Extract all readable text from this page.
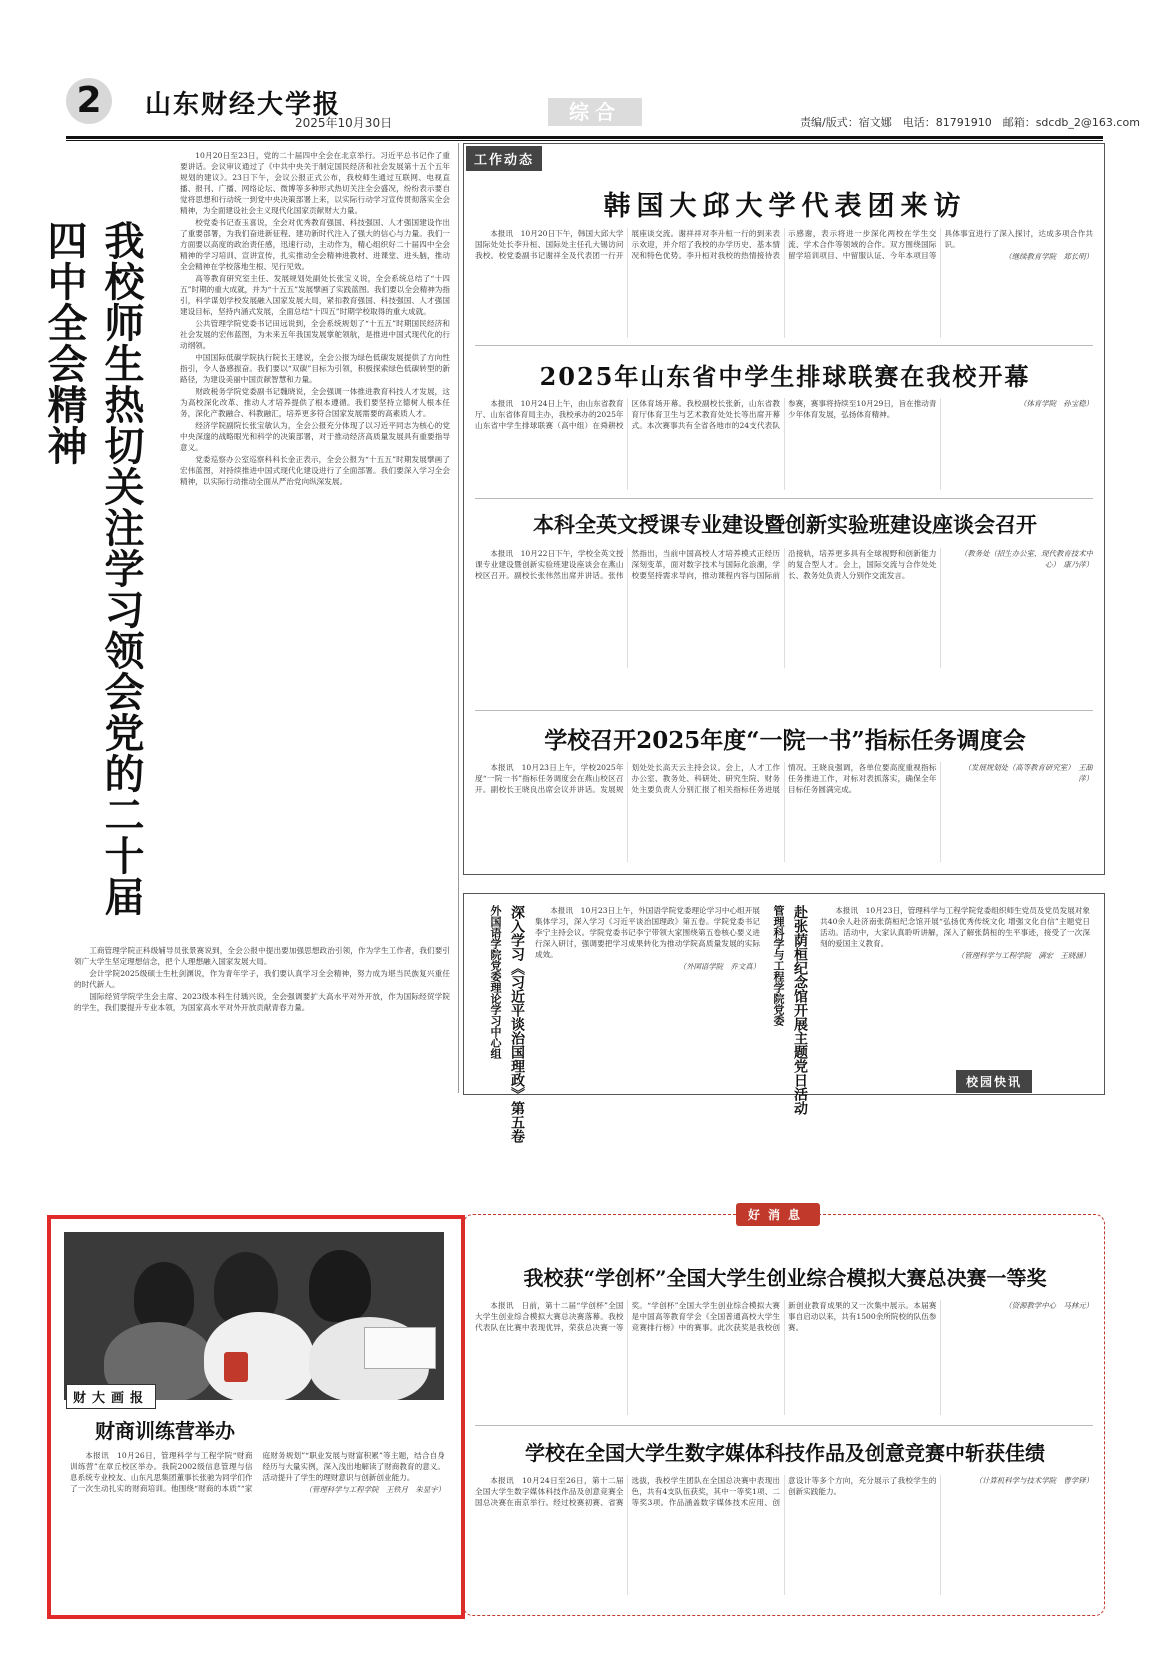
2	山东财经大学报
2025年10月30日	综合	责编/版式：宿文娜　电话：81791910　邮箱：sdcdb_2@163.com
我校师生热切关注学习领会党的二十届四中全会精神

10月20日至23日，党的二十届四中全会在北京举行。习近平总书记作了重要讲话。会议审议通过了《中共中央关于制定国民经济和社会发展第十五个五年规划的建议》。23日下午，会议公报正式公布，我校师生通过互联网、电视直播、报刊、广播、网络论坛、微博等多种形式热切关注全会盛况，纷纷表示要自觉将思想和行动统一到党中央决策部署上来，以实际行动学习宣传贯彻落实全会精神，为全面建设社会主义现代化国家贡献财大力量。

校党委书记查玉喜说，全会对优秀教育强国、科技强国、人才强国建设作出了重要部署，为我们奋进新征程、建功新时代注入了强大的信心与力量。我们一方面要以高度的政治责任感，迅速行动，主动作为，精心组织好二十届四中全会精神的学习培训、宣讲宣传，扎实推动全会精神进教材、进课堂、进头脑，推动全会精神在学校落地生根、见行见效。

高等教育研究室主任、发展规划处副处长张宝义说，全会系统总结了“十四五”时期的重大成就，并为“十五五”发展擘画了实践蓝图。我们要以全会精神为指引，科学谋划学校发展融入国家发展大局，紧扣教育强国、科技强国、人才强国建设目标，坚持内涵式发展，全面总结“十四五”时期学校取得的重大成就。

公共管理学院党委书记田远说到，全会系统规划了“十五五”时期国民经济和社会发展的宏伟蓝图，为未来五年我国发展掌舵领航，是推进中国式现代化的行动纲领。

中国国际低碳学院执行院长王建说，全会公报为绿色低碳发展提供了方向性指引，令人备感振奋。我们要以“双碳”目标为引领，积极探索绿色低碳转型的新路径，为建设美丽中国贡献智慧和力量。

财政税务学院党委副书记魏晓说，全会强调一体推进教育科技人才发展，这为高校深化改革、推动人才培养提供了根本遵循。我们要坚持立德树人根本任务，深化产教融合、科教融汇，培养更多符合国家发展需要的高素质人才。

经济学院副院长张宝敏认为，全会公报充分体现了以习近平同志为核心的党中央深邃的战略眼光和科学的决策部署，对于推动经济高质量发展具有重要指导意义。

党委巡察办公室巡察科科长金正表示，全会公报为“十五五”时期发展擘画了宏伟蓝图，对持续推进中国式现代化建设进行了全面部署。我们要深入学习全会精神，以实际行动推动全面从严治党向纵深发展。

工商管理学院正科级辅导员张景赛说到，全会公报中提出要加强思想政治引领，作为学生工作者，我们要引领广大学生坚定理想信念，把个人理想融入国家发展大局。

会计学院2025级硕士生杜剑渊说，作为青年学子，我们要认真学习全会精神，努力成为堪当民族复兴重任的时代新人。

国际经贸学院学生会主席、2023级本科生付瑀兴说，全会强调要扩大高水平对外开放，作为国际经贸学院的学生，我们要提升专业本领，为国家高水平对外开放贡献青春力量。

工作动态
韩国大邱大学代表团来访

本报讯　10月20日下午，韩国大邱大学国际处处长李升桓、国际处主任孔大锡访问我校。校党委副书记谢祥全及代表团一行开展座谈交流。谢祥祥对李升桓一行的到来表示欢迎，并介绍了我校的办学历史、基本情况和特色优势。李升桓对我校的热情接待表示感谢，表示将进一步深化两校在学生交流、学术合作等领域的合作。双方围绕国际留学培训项目、中留服认证、今年本项目等具体事宜进行了深入探讨，达成多项合作共识。

（继续教育学院　郑长明）

2025年山东省中学生排球联赛在我校开幕

本报讯　10月24日上午，由山东省教育厅、山东省体育局主办，我校承办的2025年山东省中学生排球联赛（高中组）在舜耕校区体育场开幕。我校副校长张新，山东省教育厅体育卫生与艺术教育处处长等出席开幕式。本次赛事共有全省各地市的24支代表队参赛，赛事将持续至10月29日，旨在推动青少年体育发展，弘扬体育精神。

（体育学院　孙宝稳）

本科全英文授课专业建设暨创新实验班建设座谈会召开

本报讯　10月22日下午，学校全英文授课专业建设暨创新实验班建设座谈会在燕山校区召开。副校长张伟然出席并讲话。张伟然指出，当前中国高校人才培养模式正经历深刻变革，面对数字技术与国际化浪潮，学校要坚持需求导向，推动课程内容与国际前沿接轨，培养更多具有全球视野和创新能力的复合型人才。会上，国际交流与合作处处长、教务处负责人分别作交流发言。

（教务处（招生办公室、现代教育技术中心）　康乃萍）

学校召开2025年度“一院一书”指标任务调度会

本报讯　10月23日上午，学校2025年度“一院一书”指标任务调度会在燕山校区召开。副校长王晓良出席会议并讲话。发展规划处处长高天云主持会议。会上，人才工作办公室、教务处、科研处、研究生院、财务处主要负责人分别汇报了相关指标任务进展情况。王晓良强调，各单位要高度重视指标任务推进工作，对标对表抓落实，确保全年目标任务圆满完成。

（发展规划处（高等教育研究室）　王甜萍）

外国语学院党委理论学习中心组 深入学习《习近平谈治国理政》第五卷	本报讯　10月23日上午，外国语学院党委理论学习中心组开展集体学习，深入学习《习近平谈治国理政》第五卷。学院党委书记李宁主持会议。学院党委书记李宁带领大家围绕第五卷核心要义进行深入研讨，强调要把学习成果转化为推动学院高质量发展的实际成效。

（外国语学院　乔文真） 管理科学与工程学院党委 赴张荫桓纪念馆开展主题党日活动	本报讯　10月23日，管理科学与工程学院党委组织师生党员及党员发展对象共40余人赴济南张荫桓纪念馆开展“弘扬优秀传统文化 增强文化自信”主题党日活动。活动中，大家认真聆听讲解，深入了解张荫桓的生平事迹，接受了一次深刻的爱国主义教育。

（管理科学与工程学院　满宏　王晓涵）

校园快讯
财大画报
财商训练营举办

本报讯　10月26日，管理科学与工程学院“财商训练营”在章丘校区举办。我院2002级信息管理与信息系统专业校友、山东凡思集团董事长张驰为同学们作了一次生动扎实的财商培训。他围绕“财商的本质”“家庭财务规划”“职业发展与财富积累”等主题，结合自身经历与大量实例，深入浅出地解读了财商教育的意义。活动提升了学生的理财意识与创新创业能力。

（管理科学与工程学院　王铁月　朱显宇）

好消息
我校获“学创杯”全国大学生创业综合模拟大赛总决赛一等奖

本报讯　日前，第十二届“学创杯”全国大学生创业综合模拟大赛总决赛落幕。我校代表队在比赛中表现优异，荣获总决赛一等奖。“学创杯”全国大学生创业综合模拟大赛是中国高等教育学会《全国普通高校大学生竞赛排行榜》中的赛事。此次获奖是我校创新创业教育成果的又一次集中展示。本届赛事自启动以来，共有1500余所院校的队伍参赛。

（资源教学中心　马林元）

学校在全国大学生数字媒体科技作品及创意竞赛中斩获佳绩

本报讯　10月24日至26日，第十二届全国大学生数字媒体科技作品及创意竞赛全国总决赛在南京举行。经过校赛初赛、省赛选拔，我校学生团队在全国总决赛中表现出色，共有4支队伍获奖，其中一等奖1项、二等奖3项。作品涵盖数字媒体技术应用、创意设计等多个方向，充分展示了我校学生的创新实践能力。

（计算机科学与技术学院　曹学铎）
